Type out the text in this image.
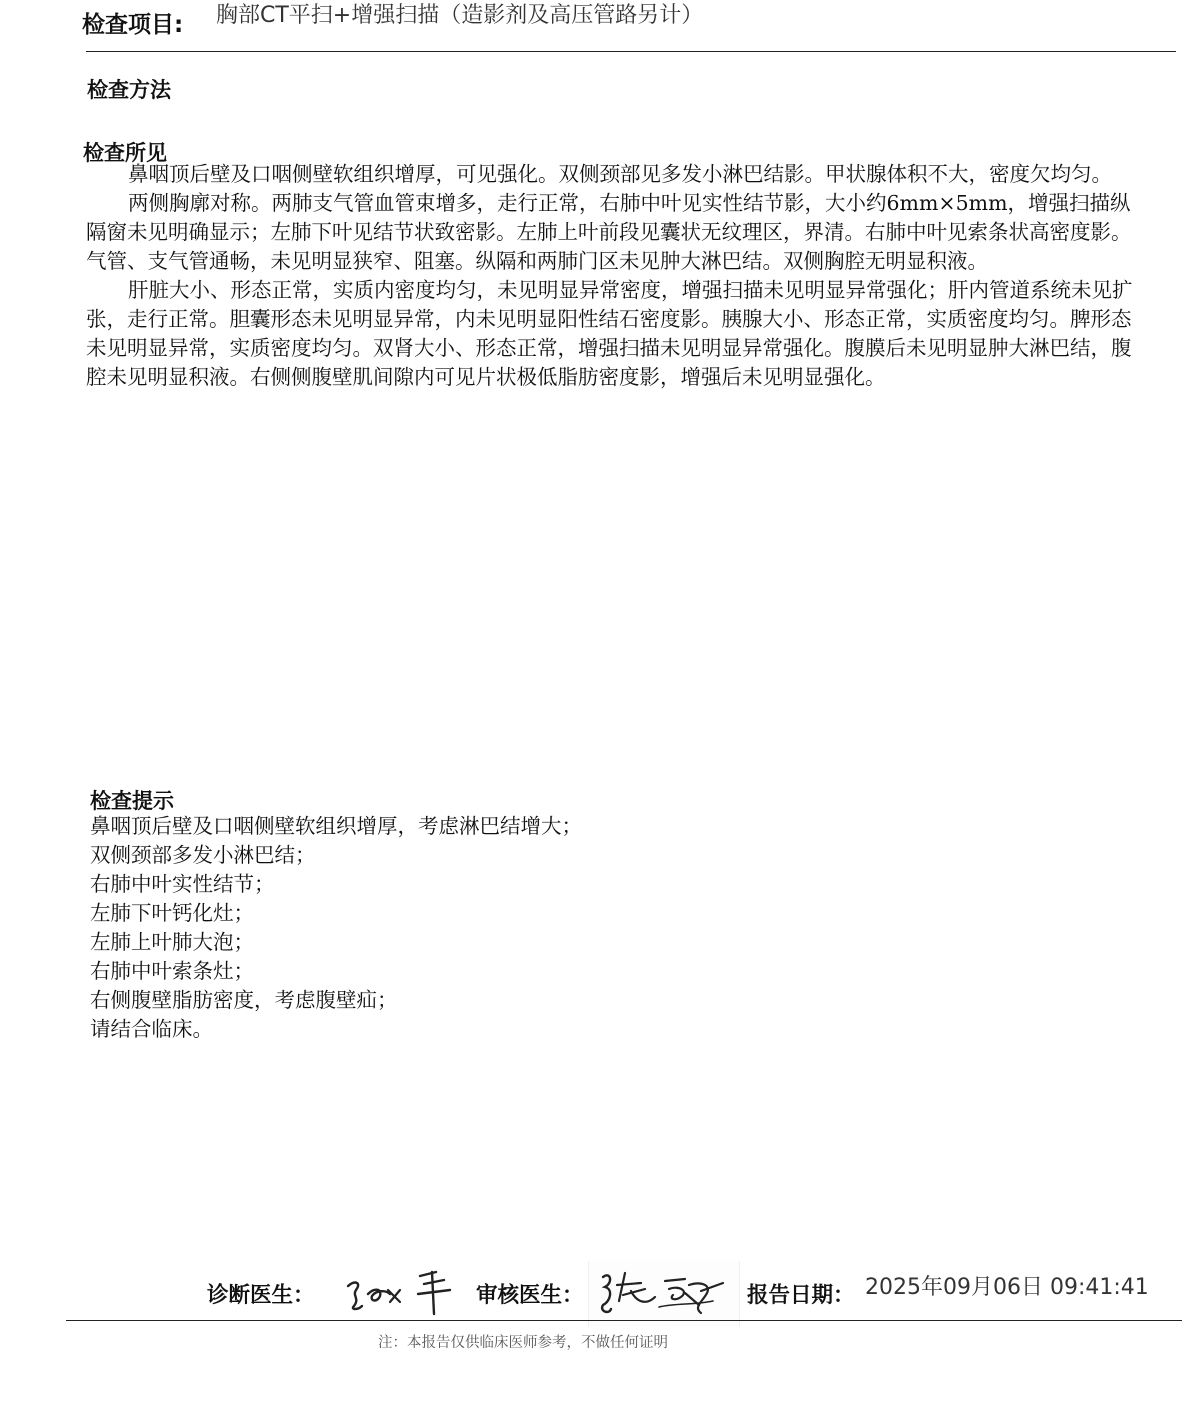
检查项目: 胸部CT平扫+增强扫描（造影剂及高压管路另计）
检查方法
检查所见

鼻咽顶后壁及口咽侧壁软组织增厚，可见强化。双侧颈部见多发小淋巴结影。甲状腺体积不大，密度欠均匀。

两侧胸廓对称。两肺支气管血管束增多，走行正常，右肺中叶见实性结节影，大小约6mm×5mm，增强扫描纵隔窗未见明确显示；左肺下叶见结节状致密影。左肺上叶前段见囊状无纹理区，界清。右肺中叶见索条状高密度影。气管、支气管通畅，未见明显狭窄、阻塞。纵隔和两肺门区未见肿大淋巴结。双侧胸腔无明显积液。

肝脏大小、形态正常，实质内密度均匀，未见明显异常密度，增强扫描未见明显异常强化；肝内管道系统未见扩张，走行正常。胆囊形态未见明显异常，内未见明显阳性结石密度影。胰腺大小、形态正常，实质密度均匀。脾形态未见明显异常，实质密度均匀。双肾大小、形态正常，增强扫描未见明显异常强化。腹膜后未见明显肿大淋巴结，腹腔未见明显积液。右侧侧腹壁肌间隙内可见片状极低脂肪密度影，增强后未见明显强化。

检查提示
鼻咽顶后壁及口咽侧壁软组织增厚，考虑淋巴结增大；
双侧颈部多发小淋巴结；
右肺中叶实性结节；
左肺下叶钙化灶；
左肺上叶肺大泡；
右肺中叶索条灶；
右侧腹壁脂肪密度，考虑腹壁疝；
请结合临床。
诊断医生：	审核医生：	报告日期： 2025年09月06日 09:41:41
注：本报告仅供临床医师参考，不做任何证明
